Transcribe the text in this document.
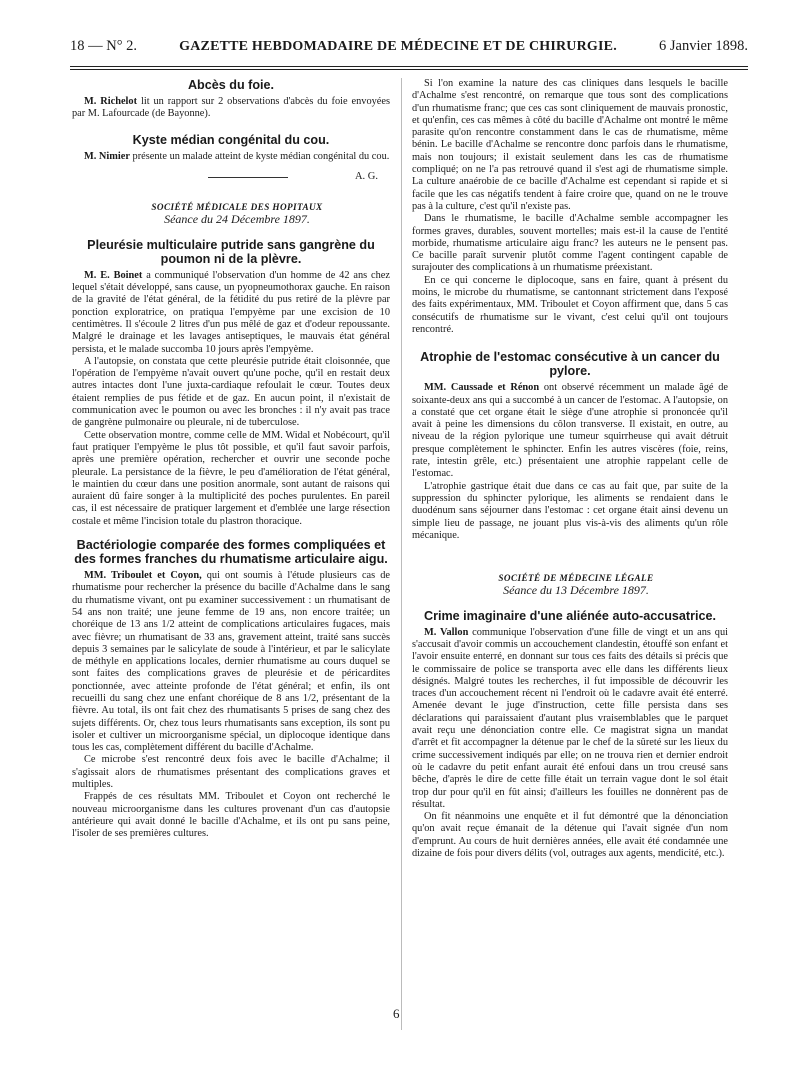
18 — N° 2.	GAZETTE HEBDOMADAIRE DE MÉDECINE ET DE CHIRURGIE.	6 Janvier 1898.
Abcès du foie.

M. Richelot lit un rapport sur 2 observations d'abcès du foie envoyées par M. Lafourcade (de Bayonne).

Kyste médian congénital du cou.

M. Nimier présente un malade atteint de kyste médian congénital du cou.

A. G.

SOCIÉTÉ MÉDICALE DES HOPITAUX

Séance du 24 Décembre 1897.

Pleurésie multiculaire putride sans gangrène du poumon ni de la plèvre.

M. E. Boinet a communiqué l'observation d'un homme de 42 ans chez lequel s'était développé, sans cause, un pyopneumothorax gauche. En raison de la gravité de l'état général, de la fétidité du pus retiré de la plèvre par ponction exploratrice, on pratiqua l'empyème par une excision de 10 centimètres. Il s'écoule 2 litres d'un pus mêlé de gaz et d'odeur repoussante. Malgré le drainage et les lavages antiseptiques, le mauvais état général persista, et le malade succomba 10 jours après l'empyème.

A l'autopsie, on constata que cette pleurésie putride était cloisonnée, que l'opération de l'empyème n'avait ouvert qu'une poche, qu'il en restait deux autres intactes dont l'une juxta-cardiaque refoulait le cœur. Toutes deux étaient remplies de pus fétide et de gaz. En aucun point, il n'existait de communication avec le poumon ou avec les bronches : il n'y avait pas trace de gangrène pulmonaire ou pleurale, ni de tuberculose.

Cette observation montre, comme celle de MM. Widal et Nobécourt, qu'il faut pratiquer l'empyème le plus tôt possible, et qu'il faut savoir parfois, après une première opération, rechercher et ouvrir une seconde poche pleurale. La persistance de la fièvre, le peu d'amélioration de l'état général, le maintien du cœur dans une position anormale, sont autant de raisons qui auraient dû faire songer à la multiplicité des poches purulentes. En pareil cas, il est nécessaire de pratiquer largement et d'emblée une large résection costale et même l'incision totale du plastron thoracique.

Bactériologie comparée des formes compliquées et des formes franches du rhumatisme articulaire aigu.

MM. Triboulet et Coyon, qui ont soumis à l'étude plusieurs cas de rhumatisme pour rechercher la présence du bacille d'Achalme dans le sang du rhumatisme vivant, ont pu examiner successivement : un rhumatisant de 54 ans non traité; une jeune femme de 19 ans, non encore traitée; un choréique de 13 ans 1/2 atteint de complications articulaires fugaces, mais avec fièvre; un rhumatisant de 33 ans, gravement atteint, traité sans succès depuis 3 semaines par le salicylate de soude à l'intérieur, et par le salicylate de méthyle en applications locales, dernier rhumatisme au cours duquel se sont faites des complications graves de pleurésie et de péricardites ponctionnée, avec atteinte profonde de l'état général; et enfin, ils ont recueilli du sang chez une enfant choréique de 8 ans 1/2, présentant de la fièvre. Au total, ils ont fait chez des rhumatisants 5 prises de sang chez des sujets différents. Or, chez tous leurs rhumatisants sans exception, ils sont pu isoler et cultiver un microorganisme spécial, un diplocoque identique dans tous les cas, complètement différent du bacille d'Achalme.

Ce microbe s'est rencontré deux fois avec le bacille d'Achalme; il s'agissait alors de rhumatismes présentant des complications graves et multiples.

Frappés de ces résultats MM. Triboulet et Coyon ont recherché le nouveau microorganisme dans les cultures provenant d'un cas d'autopsie antérieure qui avait donné le bacille d'Achalme, et ils ont pu sans peine, l'isoler de ses premières cultures.

Si l'on examine la nature des cas cliniques dans lesquels le bacille d'Achalme s'est rencontré, on remarque que tous sont des complications d'un rhumatisme franc; que ces cas sont cliniquement de mauvais pronostic, et qu'enfin, ces cas mêmes à côté du bacille d'Achalme ont montré le même parasite qu'on rencontre constamment dans le cas de rhumatisme, même bénin. Le bacille d'Achalme se rencontre donc parfois dans le rhumatisme, mais non toujours; il existait seulement dans les cas de rhumatisme compliqué; on ne l'a pas retrouvé quand il s'est agi de rhumatisme simple. La culture anaérobie de ce bacille d'Achalme est cependant si rapide et si facile que les cas négatifs tendent à faire croire que, quand on ne le trouve pas à la culture, c'est qu'il n'existe pas.

Dans le rhumatisme, le bacille d'Achalme semble accompagner les formes graves, durables, souvent mortelles; mais est-il la cause de l'entité morbide, rhumatisme articulaire aigu franc? les auteurs ne le pensent pas. Ce bacille paraît survenir plutôt comme l'agent contingent capable de surajouter des complications à un rhumatisme préexistant.

En ce qui concerne le diplocoque, sans en faire, quant à présent du moins, le microbe du rhumatisme, se cantonnant strictement dans l'exposé des faits expérimentaux, MM. Triboulet et Coyon affirment que, dans 5 cas consécutifs de rhumatisme sur le vivant, c'est celui qu'il ont toujours rencontré.

Atrophie de l'estomac consécutive à un cancer du pylore.

MM. Caussade et Rénon ont observé récemment un malade âgé de soixante-deux ans qui a succombé à un cancer de l'estomac. A l'autopsie, on a constaté que cet organe était le siège d'une atrophie si prononcée qu'il avait à peine les dimensions du côlon transverse. Il existait, en outre, au niveau de la région pylorique une tumeur squirrheuse qui avait détruit presque complètement le sphincter. Enfin les autres viscères (foie, reins, rate, intestin grêle, etc.) présentaient une atrophie rappelant celle de l'estomac.

L'atrophie gastrique était due dans ce cas au fait que, par suite de la suppression du sphincter pylorique, les aliments se rendaient dans le duodénum sans séjourner dans l'estomac : cet organe était ainsi devenu un simple lieu de passage, ne jouant plus vis-à-vis des aliments qu'un rôle mécanique.

SOCIÉTÉ DE MÉDECINE LÉGALE

Séance du 13 Décembre 1897.

Crime imaginaire d'une aliénée auto-accusatrice.

M. Vallon communique l'observation d'une fille de vingt et un ans qui s'accusait d'avoir commis un accouchement clandestin, étouffé son enfant et l'avoir ensuite enterré, en donnant sur tous ces faits des détails si précis que le commissaire de police se transporta avec elle dans les différents lieux désignés. Malgré toutes les recherches, il fut impossible de découvrir les traces d'un accouchement récent ni l'endroit où le cadavre avait été enterré. Amenée devant le juge d'instruction, cette fille persista dans ses déclarations qui paraissaient d'autant plus vraisemblables que le parquet avait reçu une dénonciation contre elle. Ce magistrat signa un mandat d'arrêt et fit accompagner la détenue par le chef de la sûreté sur les lieux du crime successivement indiqués par elle; on ne trouva rien et dernier endroit où le cadavre du petit enfant aurait été enfoui dans un trou creusé sans bêche, d'après le dire de cette fille était un terrain vague dont le sol était trop dur pour qu'il en fût ainsi; d'ailleurs les fouilles ne donnèrent pas de résultat.

On fit néanmoins une enquête et il fut démontré que la dénonciation qu'on avait reçue émanait de la détenue qui l'avait signée d'un nom d'emprunt. Au cours de huit dernières années, elle avait été condamnée une dizaine de fois pour divers délits (vol, outrages aux agents, mendicité, etc.).

6
